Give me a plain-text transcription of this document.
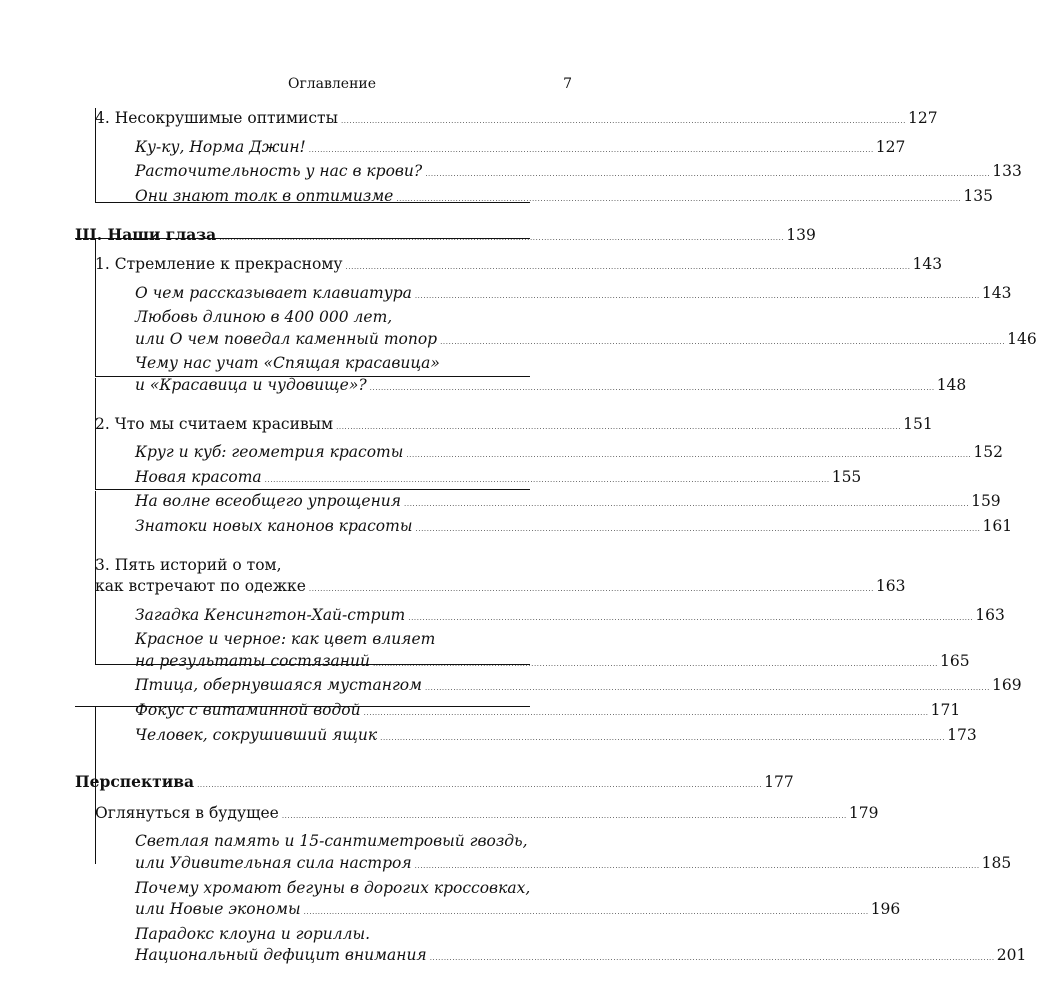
Оглавление	7
4. Несокрушимые оптимисты ........................................................................................................................................................................................................ 127
Ку-ку, Норма Джин! ........................................................................................................................................................................................................ 127
Расточительность у нас в крови? ........................................................................................................................................................................................................ 133
Они знают толк в оптимизме ........................................................................................................................................................................................................ 135
III. Наши глаза ........................................................................................................................................................................................................ 139
1. Стремление к прекрасному ........................................................................................................................................................................................................ 143
О чем рассказывает клавиатура ........................................................................................................................................................................................................ 143
Любовь длиною в 400 000 лет,
или О чем поведал каменный топор ........................................................................................................................................................................................................ 146
Чему нас учат «Спящая красавица»
и «Красавица и чудовище»? ........................................................................................................................................................................................................ 148
2. Что мы считаем красивым ........................................................................................................................................................................................................ 151
Круг и куб: геометрия красоты ........................................................................................................................................................................................................ 152
Новая красота ........................................................................................................................................................................................................ 155
На волне всеобщего упрощения ........................................................................................................................................................................................................ 159
Знатоки новых канонов красоты ........................................................................................................................................................................................................ 161
3. Пять историй о том,
как встречают по одежке ........................................................................................................................................................................................................ 163
Загадка Кенсингтон-Хай-стрит ........................................................................................................................................................................................................ 163
Красное и черное: как цвет влияет
на результаты состязаний ........................................................................................................................................................................................................ 165
Птица, обернувшаяся мустангом ........................................................................................................................................................................................................ 169
Фокус с витаминной водой ........................................................................................................................................................................................................ 171
Человек, сокрушивший ящик ........................................................................................................................................................................................................ 173
Перспектива ........................................................................................................................................................................................................ 177
Оглянуться в будущее ........................................................................................................................................................................................................ 179
Светлая память и 15-сантиметровый гвоздь,
или Удивительная сила настроя ........................................................................................................................................................................................................ 185
Почему хромают бегуны в дорогих кроссовках,
или Новые экономы ........................................................................................................................................................................................................ 196
Парадокс клоуна и гориллы.
Национальный дефицит внимания ........................................................................................................................................................................................................ 201
